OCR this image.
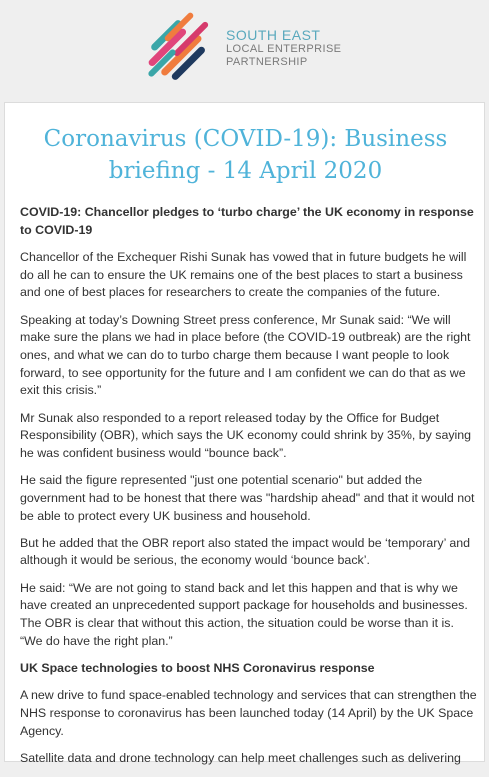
SOUTH EAST
LOCAL ENTERPRISE
PARTNERSHIP
Coronavirus (COVID-19): Business briefing - 14 April 2020

COVID-19: Chancellor pledges to ‘turbo charge’ the UK economy in response to COVID-19

Chancellor of the Exchequer Rishi Sunak has vowed that in future budgets he will do all he can to ensure the UK remains one of the best places to start a business and one of best places for researchers to create the companies of the future.

Speaking at today’s Downing Street press conference, Mr Sunak said: “We will make sure the plans we had in place before (the COVID-19 outbreak) are the right ones, and what we can do to turbo charge them because I want people to look forward, to see opportunity for the future and I am confident we can do that as we exit this crisis.”

Mr Sunak also responded to a report released today by the Office for Budget Responsibility (OBR), which says the UK economy could shrink by 35%, by saying he was confident business would “bounce back”.

He said the figure represented "just one potential scenario" but added the government had to be honest that there was "hardship ahead" and that it would not be able to protect every UK business and household.

But he added that the OBR report also stated the impact would be ‘temporary’ and although it would be serious, the economy would ‘bounce back’.

He said: “We are not going to stand back and let this happen and that is why we have created an unprecedented support package for households and businesses. The OBR is clear that without this action, the situation could be worse than it is. “We do have the right plan.”

UK Space technologies to boost NHS Coronavirus response

A new drive to fund space-enabled technology and services that can strengthen the NHS response to coronavirus has been launched today (14 April) by the UK Space Agency.

Satellite data and drone technology can help meet challenges such as delivering
